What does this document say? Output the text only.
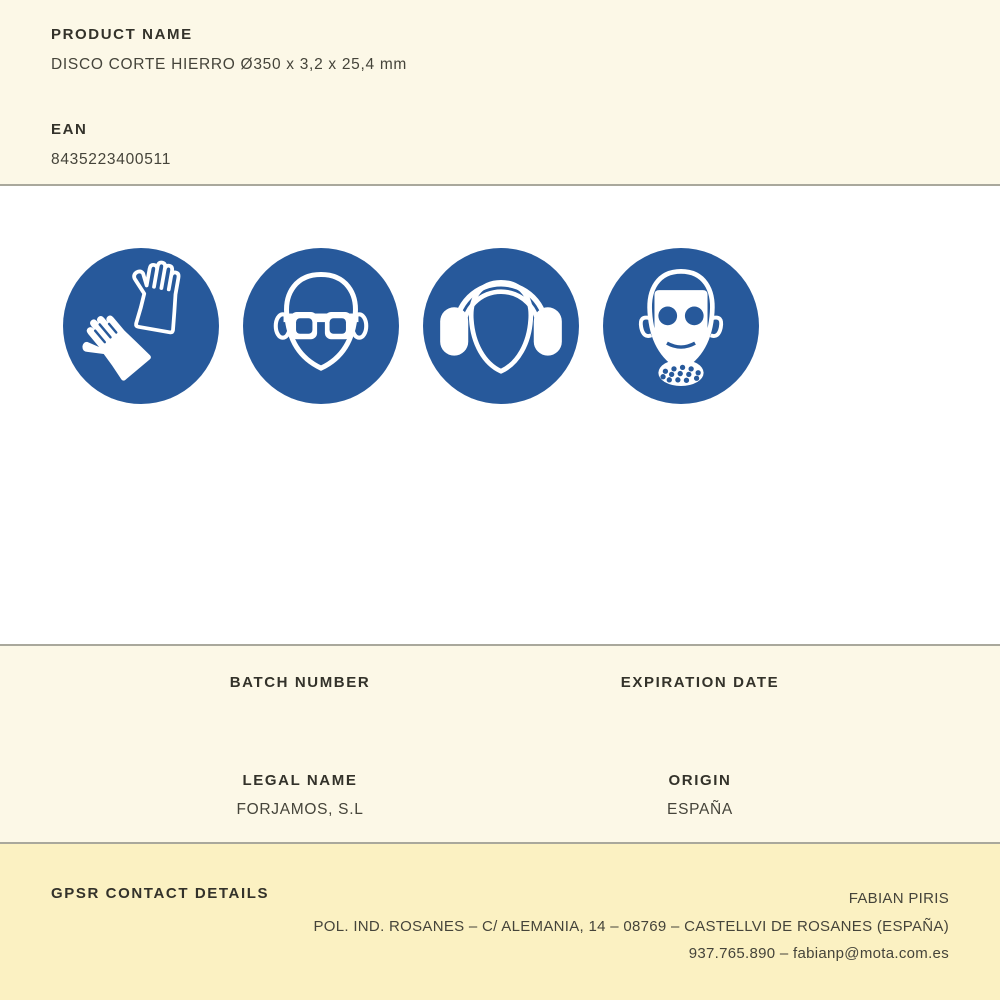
PRODUCT NAME
DISCO CORTE HIERRO Ø350 x 3,2 x 25,4 mm
EAN
8435223400511
BATCH NUMBER	EXPIRATION DATE
LEGAL NAME
FORJAMOS, S.L
ORIGIN
ESPAÑA
GPSR CONTACT DETAILS	FABIAN PIRIS
POL. IND. ROSANES – C/ ALEMANIA, 14 – 08769 – CASTELLVI DE ROSANES (ESPAÑA)
937.765.890 – fabianp@mota.com.es
